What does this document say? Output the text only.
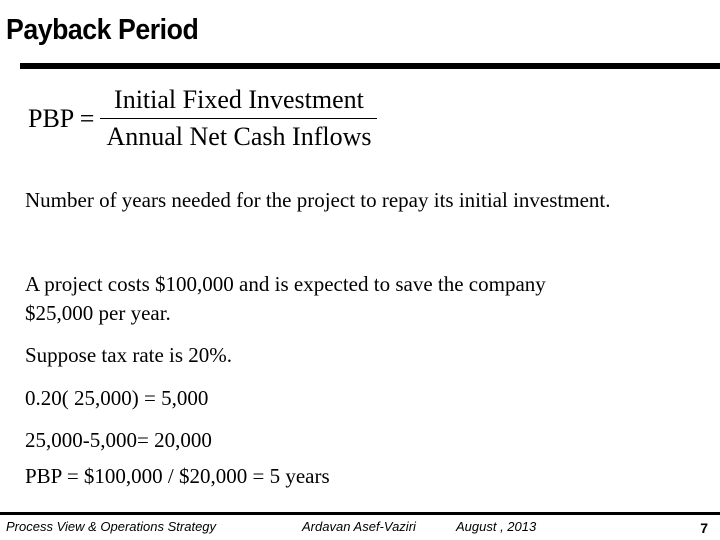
Payback Period
PBP = $\frac{\text{Initial Fixed Investment}}{\text{Annual Net Cash Inflows}}$
Number of years needed for the project to repay its initial investment.
A project costs $100,000 and is expected to save the company
$25,000 per year.
Suppose tax rate is 20%.
0.20( 25,000) = 5,000
25,000-5,000= 20,000
PBP = $100,000 / $20,000 = 5 years
Process View & Operations Strategy	Ardavan Asef-Vaziri	August , 2013	7
